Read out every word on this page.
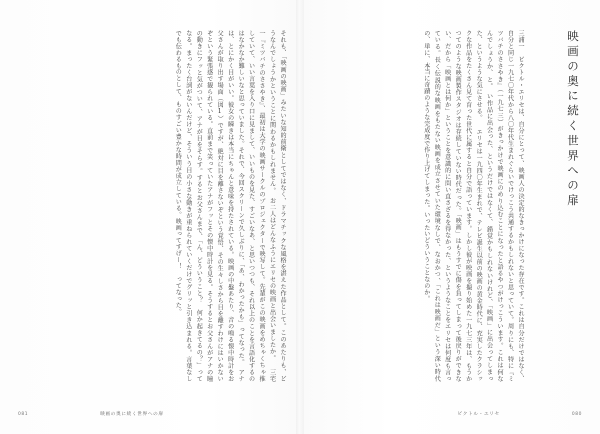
それも、「映画の映画」みたいな知的前衛としてではなく、ドラマチックな風格を湛えた作品として。このあたりも、どうなんでしょうかということに関わるかもしれません。　お二人はどんなふうにエリセの映画と出会いましたか。 三宅一『ミツバチのささやき』、最初は大学の映画サークルのプロジェクターで映写して。先輩がこの映画をめちゃくちゃ推していて、いい言葉を入り口に見まして、いいものを見た、すごいなあ、と思いつつも、それ以上のことを言語化するのはなかなか難しいなと思っていました。それで、今回スクリーンで久しぶりに、「あ、わかったかも」ってなった。　アナは、とにかく目がいい。彼女の瞬きは本当にちゃんと意味を持たされている。映画の中盤あたり、音の鳴る懐中時計をお父さんが取り出す場面（図1）ですが、絶対に目を離さないぞという覚悟、その生々しさから目を離すわけにはいかないぞという緊張感で観られている。直前まで笑っていたアナがフッとその懐中時計を見る。そうするとお父さんがアナの瞳の動きにフッと気がついて、アナが目をそらす。するとお父さんまで、「ん、どういうこと？　何か起きてるの？」ってなる。まったく台詞がないんだけど、そういう目の小さな動きが重ねられていくだけでグリッと引き込まれる。言葉なしでも伝わるものとして、ものすごい豊かな時間が成立している。映画ってすげー！　ってなった。
081	映画の奥に続く世界への扉
映画の奥に続く世界への扉
三浦一　ビクトル・エリセは、自分にとって、映画人の決定的なきっかけになった存在です。これは自分だけではなく、自分と同じ一九七〇年代から八〇年代生まれぐらいでけっこう共通するかもしれないと思っていて。周りにも、特に『ミツバチのささやき』（一九七三）がきっかけで映画にのめり込むことになったと語るやつがけっこういます。これは何なんでしょうか、と。　い作品に出会った、というだけではなくて、錯覚かもしれないけれど、「映画」に出会ってしまった、というような気にさせる。 エリセは一九四〇年生まれで、テレビ誕生以前の映画の黄金時代に、充実したクラシックな作品をたくさん見て育った世代に属すると自分で語っています。しかし彼が映画を撮り始めた一九七三年は、もうかつてのような映画製作スタジオは存続していない時代だった。「映画」はもうすでに傷を負ってしまって後戻りができない、だから「映画とは何か」ということを意識的に問い直さざるを得なかった、というようなことをエリセは何度も言っている。長く伝説的な映画をもたない映画を成立させていた環境なしで、なおかつ、「これは映画だ」という深い時代の、単に、本当に奇蹟のような完成度で作り上げてしまった。いったいどういうことなのか。
ビクトル・エリセ	080
